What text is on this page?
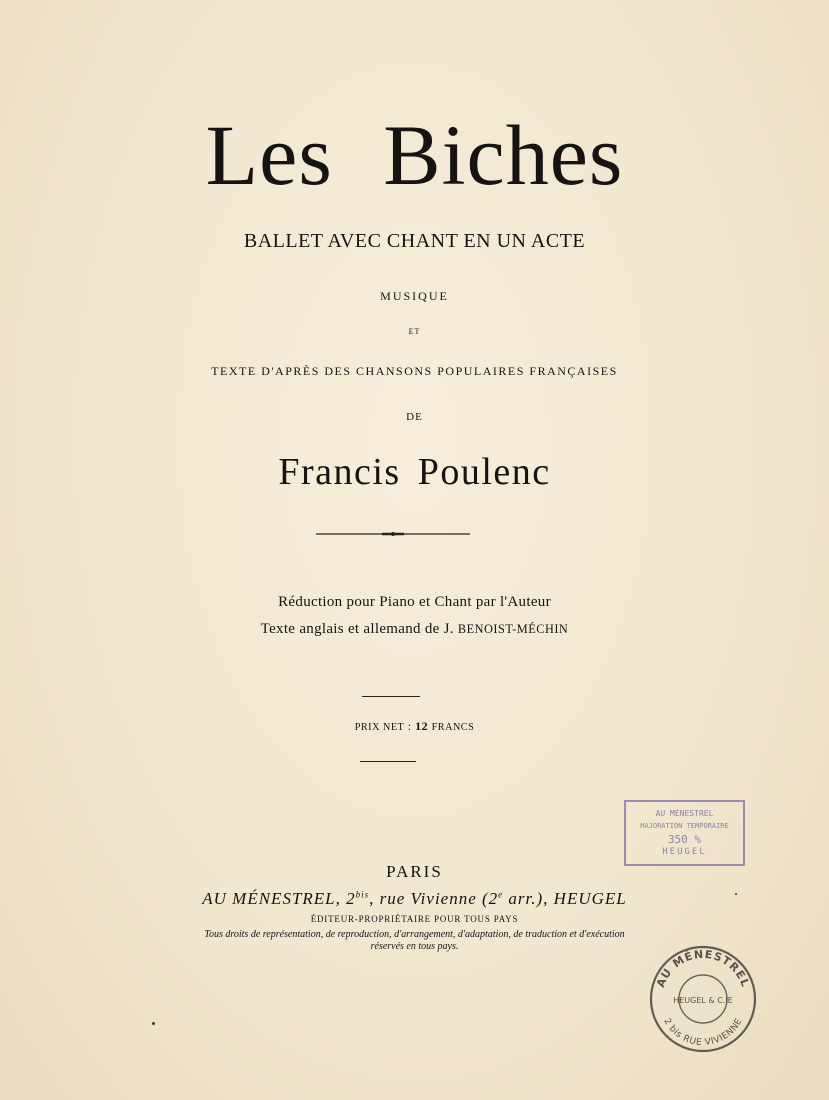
Les Biches
BALLET AVEC CHANT EN UN ACTE
MUSIQUE
ET
TEXTE D'APRÈS DES CHANSONS POPULAIRES FRANÇAISES
DE
Francis Poulenc
Réduction pour Piano et Chant par l'Auteur
Texte anglais et allemand de J. BENOIST-MÉCHIN
PRIX NET : 12 FRANCS
AU MÉNESTREL
MAJORATION TEMPORAIRE
350 %
HEUGEL
PARIS
AU MÉNESTREL, $2^{bis}$, rue Vivienne (2e arr.), HEUGEL
ÉDITEUR-PROPRIÉTAIRE POUR TOUS PAYS
Tous droits de représentation, de reproduction, d'arrangement, d'adaptation, de traduction et d'exécution
réservés en tous pays.
AU MÉNESTREL
2 bis RUE VIVIENNE
HEUGEL & C.IE
